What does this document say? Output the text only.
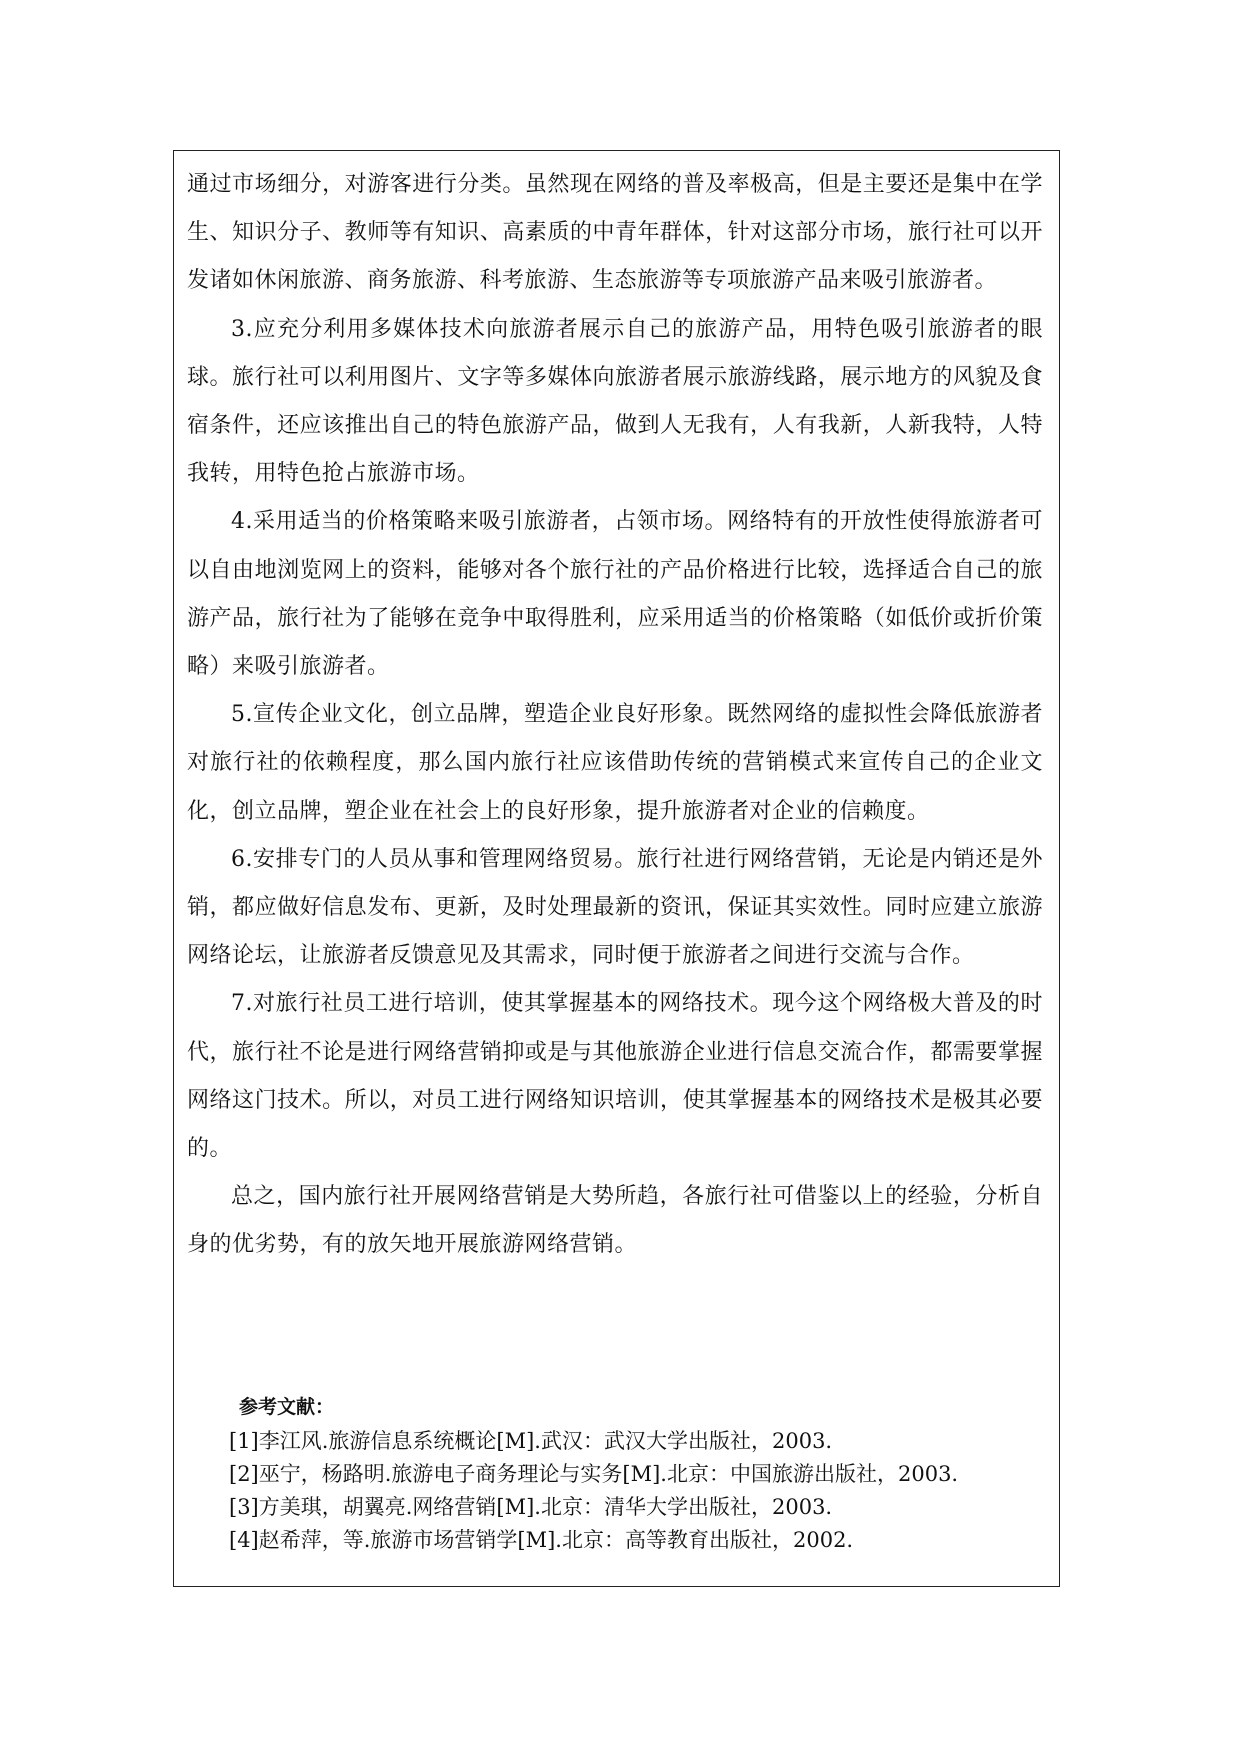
通过市场细分，对游客进行分类。虽然现在网络的普及率极高，但是主要还是集中在学生、知识分子、教师等有知识、高素质的中青年群体，针对这部分市场，旅行社可以开发诸如休闲旅游、商务旅游、科考旅游、生态旅游等专项旅游产品来吸引旅游者。

3.应充分利用多媒体技术向旅游者展示自己的旅游产品，用特色吸引旅游者的眼球。旅行社可以利用图片、文字等多媒体向旅游者展示旅游线路，展示地方的风貌及食宿条件，还应该推出自己的特色旅游产品，做到人无我有，人有我新，人新我特，人特我转，用特色抢占旅游市场。

4.采用适当的价格策略来吸引旅游者，占领市场。网络特有的开放性使得旅游者可以自由地浏览网上的资料，能够对各个旅行社的产品价格进行比较，选择适合自己的旅游产品，旅行社为了能够在竞争中取得胜利，应采用适当的价格策略（如低价或折价策略）来吸引旅游者。

5.宣传企业文化，创立品牌，塑造企业良好形象。既然网络的虚拟性会降低旅游者对旅行社的依赖程度，那么国内旅行社应该借助传统的营销模式来宣传自己的企业文化，创立品牌，塑企业在社会上的良好形象，提升旅游者对企业的信赖度。

6.安排专门的人员从事和管理网络贸易。旅行社进行网络营销，无论是内销还是外销，都应做好信息发布、更新，及时处理最新的资讯，保证其实效性。同时应建立旅游网络论坛，让旅游者反馈意见及其需求，同时便于旅游者之间进行交流与合作。

7.对旅行社员工进行培训，使其掌握基本的网络技术。现今这个网络极大普及的时代，旅行社不论是进行网络营销抑或是与其他旅游企业进行信息交流合作，都需要掌握网络这门技术。所以，对员工进行网络知识培训，使其掌握基本的网络技术是极其必要的。

总之，国内旅行社开展网络营销是大势所趋，各旅行社可借鉴以上的经验，分析自身的优劣势，有的放矢地开展旅游网络营销。

参考文献：

[1]李江风.旅游信息系统概论[M].武汉：武汉大学出版社，2003.

[2]巫宁，杨路明.旅游电子商务理论与实务[M].北京：中国旅游出版社，2003.

[3]方美琪，胡翼亮.网络营销[M].北京：清华大学出版社，2003.

[4]赵希萍，等.旅游市场营销学[M].北京：高等教育出版社，2002.
